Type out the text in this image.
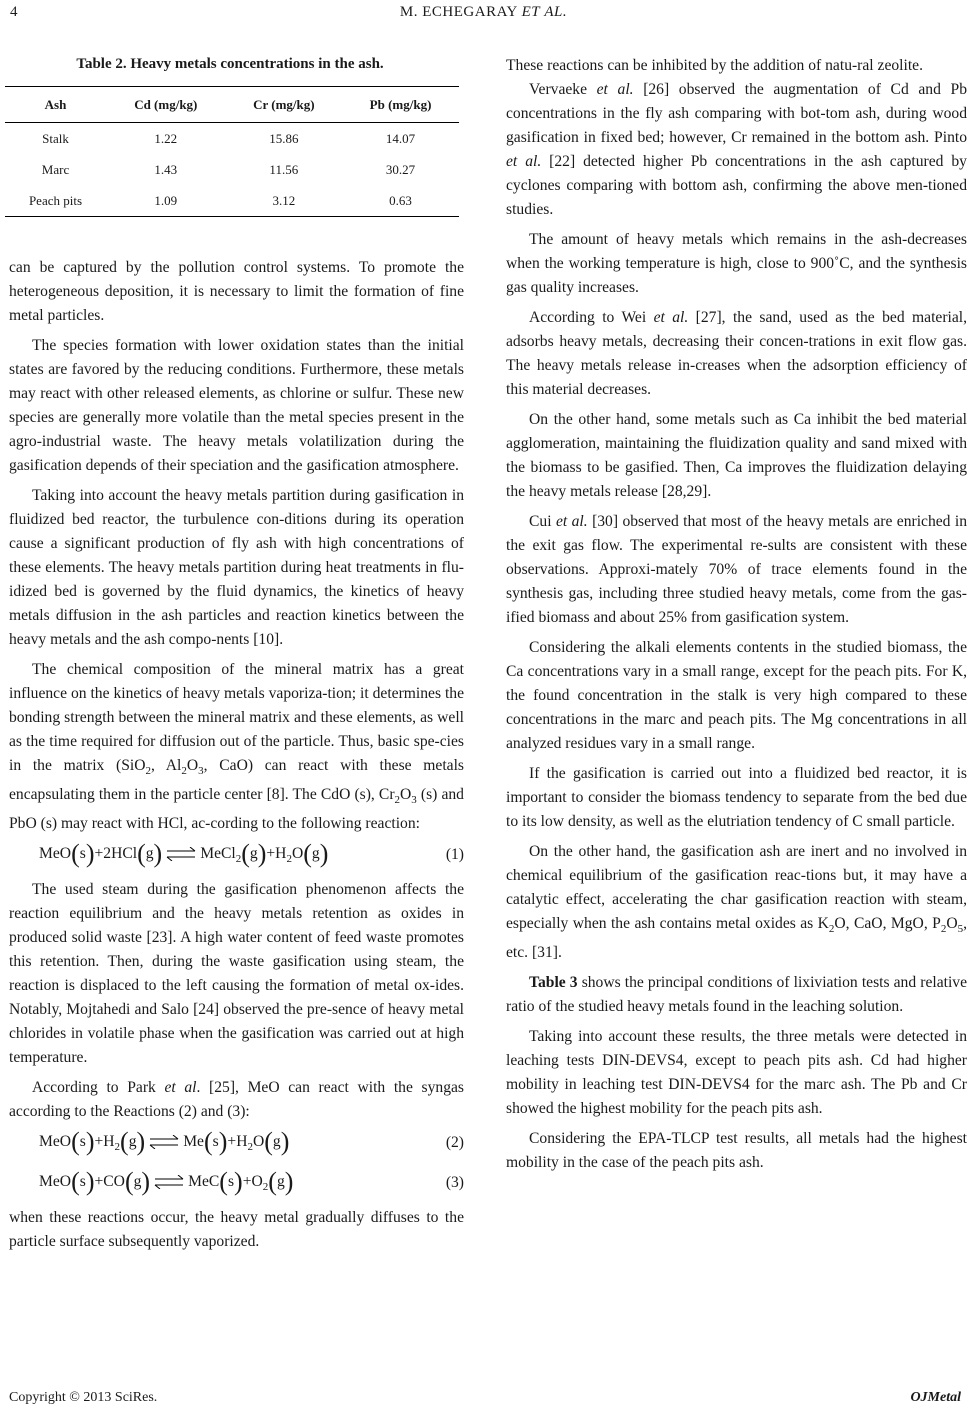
4	M. ECHEGARAY ET AL.
Table 2. Heavy metals concentrations in the ash.
Ash	Cd (mg/kg)	Cr (mg/kg)	Pb (mg/kg)
Stalk	1.22	15.86	14.07
Marc	1.43	11.56	30.27
Peach pits	1.09	3.12	0.63

can be captured by the pollution control systems. To promote the heterogeneous deposition, it is necessary to limit the formation of fine metal particles.

The species formation with lower oxidation states than the initial states are favored by the reducing conditions. Furthermore, these metals may react with other released elements, as chlorine or sulfur. These new species are generally more volatile than the metal species present in the agro-industrial waste. The heavy metals volatilization during the gasification depends of their speciation and the gasification atmosphere.

Taking into account the heavy metals partition during gasification in fluidized bed reactor, the turbulence con-ditions during its operation cause a significant production of fly ash with high concentrations of these elements. The heavy metals partition during heat treatments in flu-idized bed is governed by the fluid dynamics, the kinetics of heavy metals diffusion in the ash particles and reaction kinetics between the heavy metals and the ash compo-nents [10].

The chemical composition of the mineral matrix has a great influence on the kinetics of heavy metals vaporiza-tion; it determines the bonding strength between the mineral matrix and these elements, as well as the time required for diffusion out of the particle. Thus, basic spe-cies in the matrix (SiO$_2$, $Al_2O_3$, CaO) can react with these metals encapsulating them in the particle center [8]. The CdO (s), $Cr_2O_3$ (s) and PbO (s) may react with HCl, ac-cording to the following reaction:

MeO(s)+2HCl(g) ⇌ $MeCl_2(g)+H_2O(g)$	(1)

The used steam during the gasification phenomenon affects the reaction equilibrium and the heavy metals retention as oxides in produced solid waste [23]. A high water content of feed waste promotes this retention. Then, during the waste gasification using steam, the reaction is displaced to the left causing the formation of metal ox-ides. Notably, Mojtahedi and Salo [24] observed the pre-sence of heavy metal chlorides in volatile phase when the gasification was carried out at high temperature.

According to Park et al. [25], MeO can react with the syngas according to the Reactions (2) and (3):

$MeO(s)+H_2(g)$ ⇌ $Me(s)+H_2O(g)$	(2)
MeO(s)+CO(g) ⇌ $MeC(s)+O_2(g)$	(3)

when these reactions occur, the heavy metal gradually diffuses to the particle surface subsequently vaporized.

These reactions can be inhibited by the addition of natu-ral zeolite.

Vervaeke et al. [26] observed the augmentation of Cd and Pb concentrations in the fly ash comparing with bot-tom ash, during wood gasification in fixed bed; however, Cr remained in the bottom ash. Pinto et al. [22] detected higher Pb concentrations in the ash captured by cyclones comparing with bottom ash, confirming the above men-tioned studies.

The amount of heavy metals which remains in the ash-decreases when the working temperature is high, close to 900˚C, and the synthesis gas quality increases.

According to Wei et al. [27], the sand, used as the bed material, adsorbs heavy metals, decreasing their concen-trations in exit flow gas. The heavy metals release in-creases when the adsorption efficiency of this material decreases.

On the other hand, some metals such as Ca inhibit the bed material agglomeration, maintaining the fluidization quality and sand mixed with the biomass to be gasified. Then, Ca improves the fluidization delaying the heavy metals release [28,29].

Cui et al. [30] observed that most of the heavy metals are enriched in the exit gas flow. The experimental re-sults are consistent with these observations. Approxi-mately 70% of trace elements found in the synthesis gas, including three studied heavy metals, come from the gas-ified biomass and about 25% from gasification system.

Considering the alkali elements contents in the studied biomass, the Ca concentrations vary in a small range, except for the peach pits. For K, the found concentration in the stalk is very high compared to these concentrations in the marc and peach pits. The Mg concentrations in all analyzed residues vary in a small range.

If the gasification is carried out into a fluidized bed reactor, it is important to consider the biomass tendency to separate from the bed due to its low density, as well as the elutriation tendency of C small particle.

On the other hand, the gasification ash are inert and no involved in chemical equilibrium of the gasification reac-tions but, it may have a catalytic effect, accelerating the char gasification reaction with steam, especially when the ash contains metal oxides as $K_2O$, CaO, MgO, $P_2O_5$, etc. [31].

Table 3 shows the principal conditions of lixiviation tests and relative ratio of the studied heavy metals found in the leaching solution.

Taking into account these results, the three metals were detected in leaching tests DIN-DEVS4, except to peach pits ash. Cd had higher mobility in leaching test DIN-DEVS4 for the marc ash. The Pb and Cr showed the highest mobility for the peach pits ash.

Considering the EPA-TLCP test results, all metals had the highest mobility in the case of the peach pits ash.

Copyright © 2013 SciRes.	OJMetal
